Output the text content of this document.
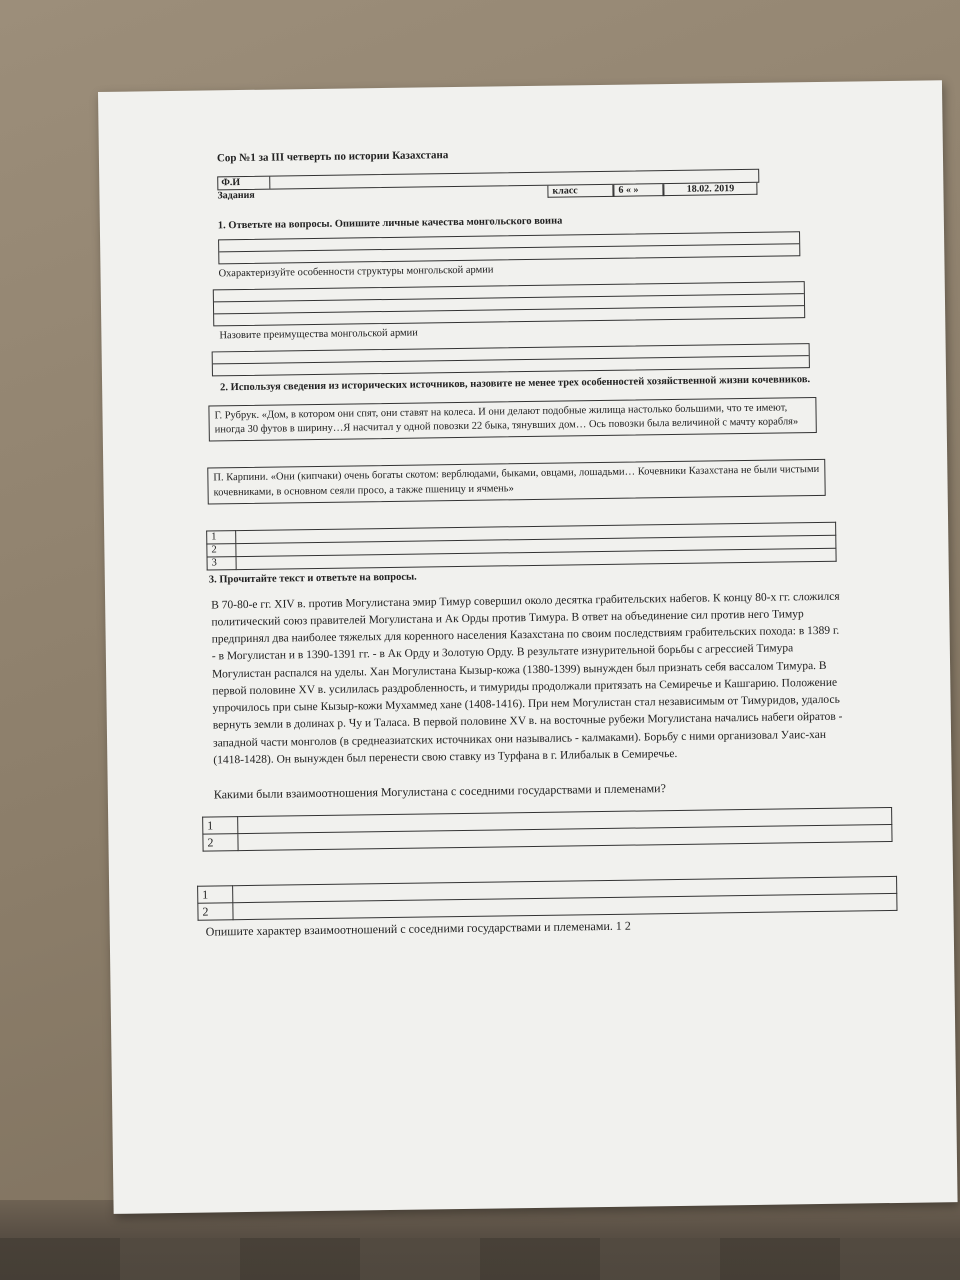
Сор №1 за III четверть по истории Казахстана
Ф.И
Задания	класс	6 « »	18.02. 2019
1. Ответьте на вопросы. Опишите личные качества монгольского воина
Охарактеризуйте особенности структуры монгольской армии
Назовите преимущества монгольской армии
2. Используя сведения из исторических источников, назовите не менее трех особенностей хозяйственной жизни кочевников.
Г. Рубрук. «Дом, в котором они спят, они ставят на колеса. И они делают подобные жилища настолько большими, что те имеют, иногда 30 футов в ширину…Я насчитал у одной повозки 22 быка, тянувших дом… Ось повозки была величиной с мачту корабля»
П. Карпини. «Они (кипчаки) очень богаты скотом: верблюдами, быками, овцами, лошадьми… Кочевники Казахстана не были чистыми кочевниками, в основном сеяли просо, а также пшеницу и ячмень»
1	
2	
3	
3. Прочитайте текст и ответьте на вопросы.
В 70-80-е гг. XIV в. против Могулистана эмир Тимур совершил около десятка грабительских набегов. К концу 80-х гг. сложился политический союз правителей Могулистана и Ак Орды против Тимура. В ответ на объединение сил против него Тимур предпринял два наиболее тяжелых для коренного населения Казахстана по своим последствиям грабительских похода: в 1389 г. - в Могулистан и в 1390-1391 гг. - в Ак Орду и Золотую Орду. В результате изнурительной борьбы с агрессией Тимура Могулистан распался на уделы. Хан Могулистана Кызыр-кожа (1380-1399) вынужден был признать себя вассалом Тимура. В первой половине XV в. усилилась раздробленность, и тимуриды продолжали притязать на Семиречье и Кашгарию. Положение упрочилось при сыне Кызыр-кожи Мухаммед хане (1408-1416). При нем Могулистан стал независимым от Тимуридов, удалось вернуть земли в долинах р. Чу и Таласа. В первой половине XV в. на восточные рубежи Могулистана начались набеги ойратов - западной части монголов (в среднеазиатских источниках они назывались - калмаками). Борьбу с ними организовал Уаис-хан (1418-1428). Он вынужден был перенести свою ставку из Турфана в г. Илибалык в Семиречье.
Какими были взаимоотношения Могулистана с соседними государствами и племенами?
1	
2	
1	
2	
Опишите характер взаимоотношений с соседними государствами и племенами. 1 2
